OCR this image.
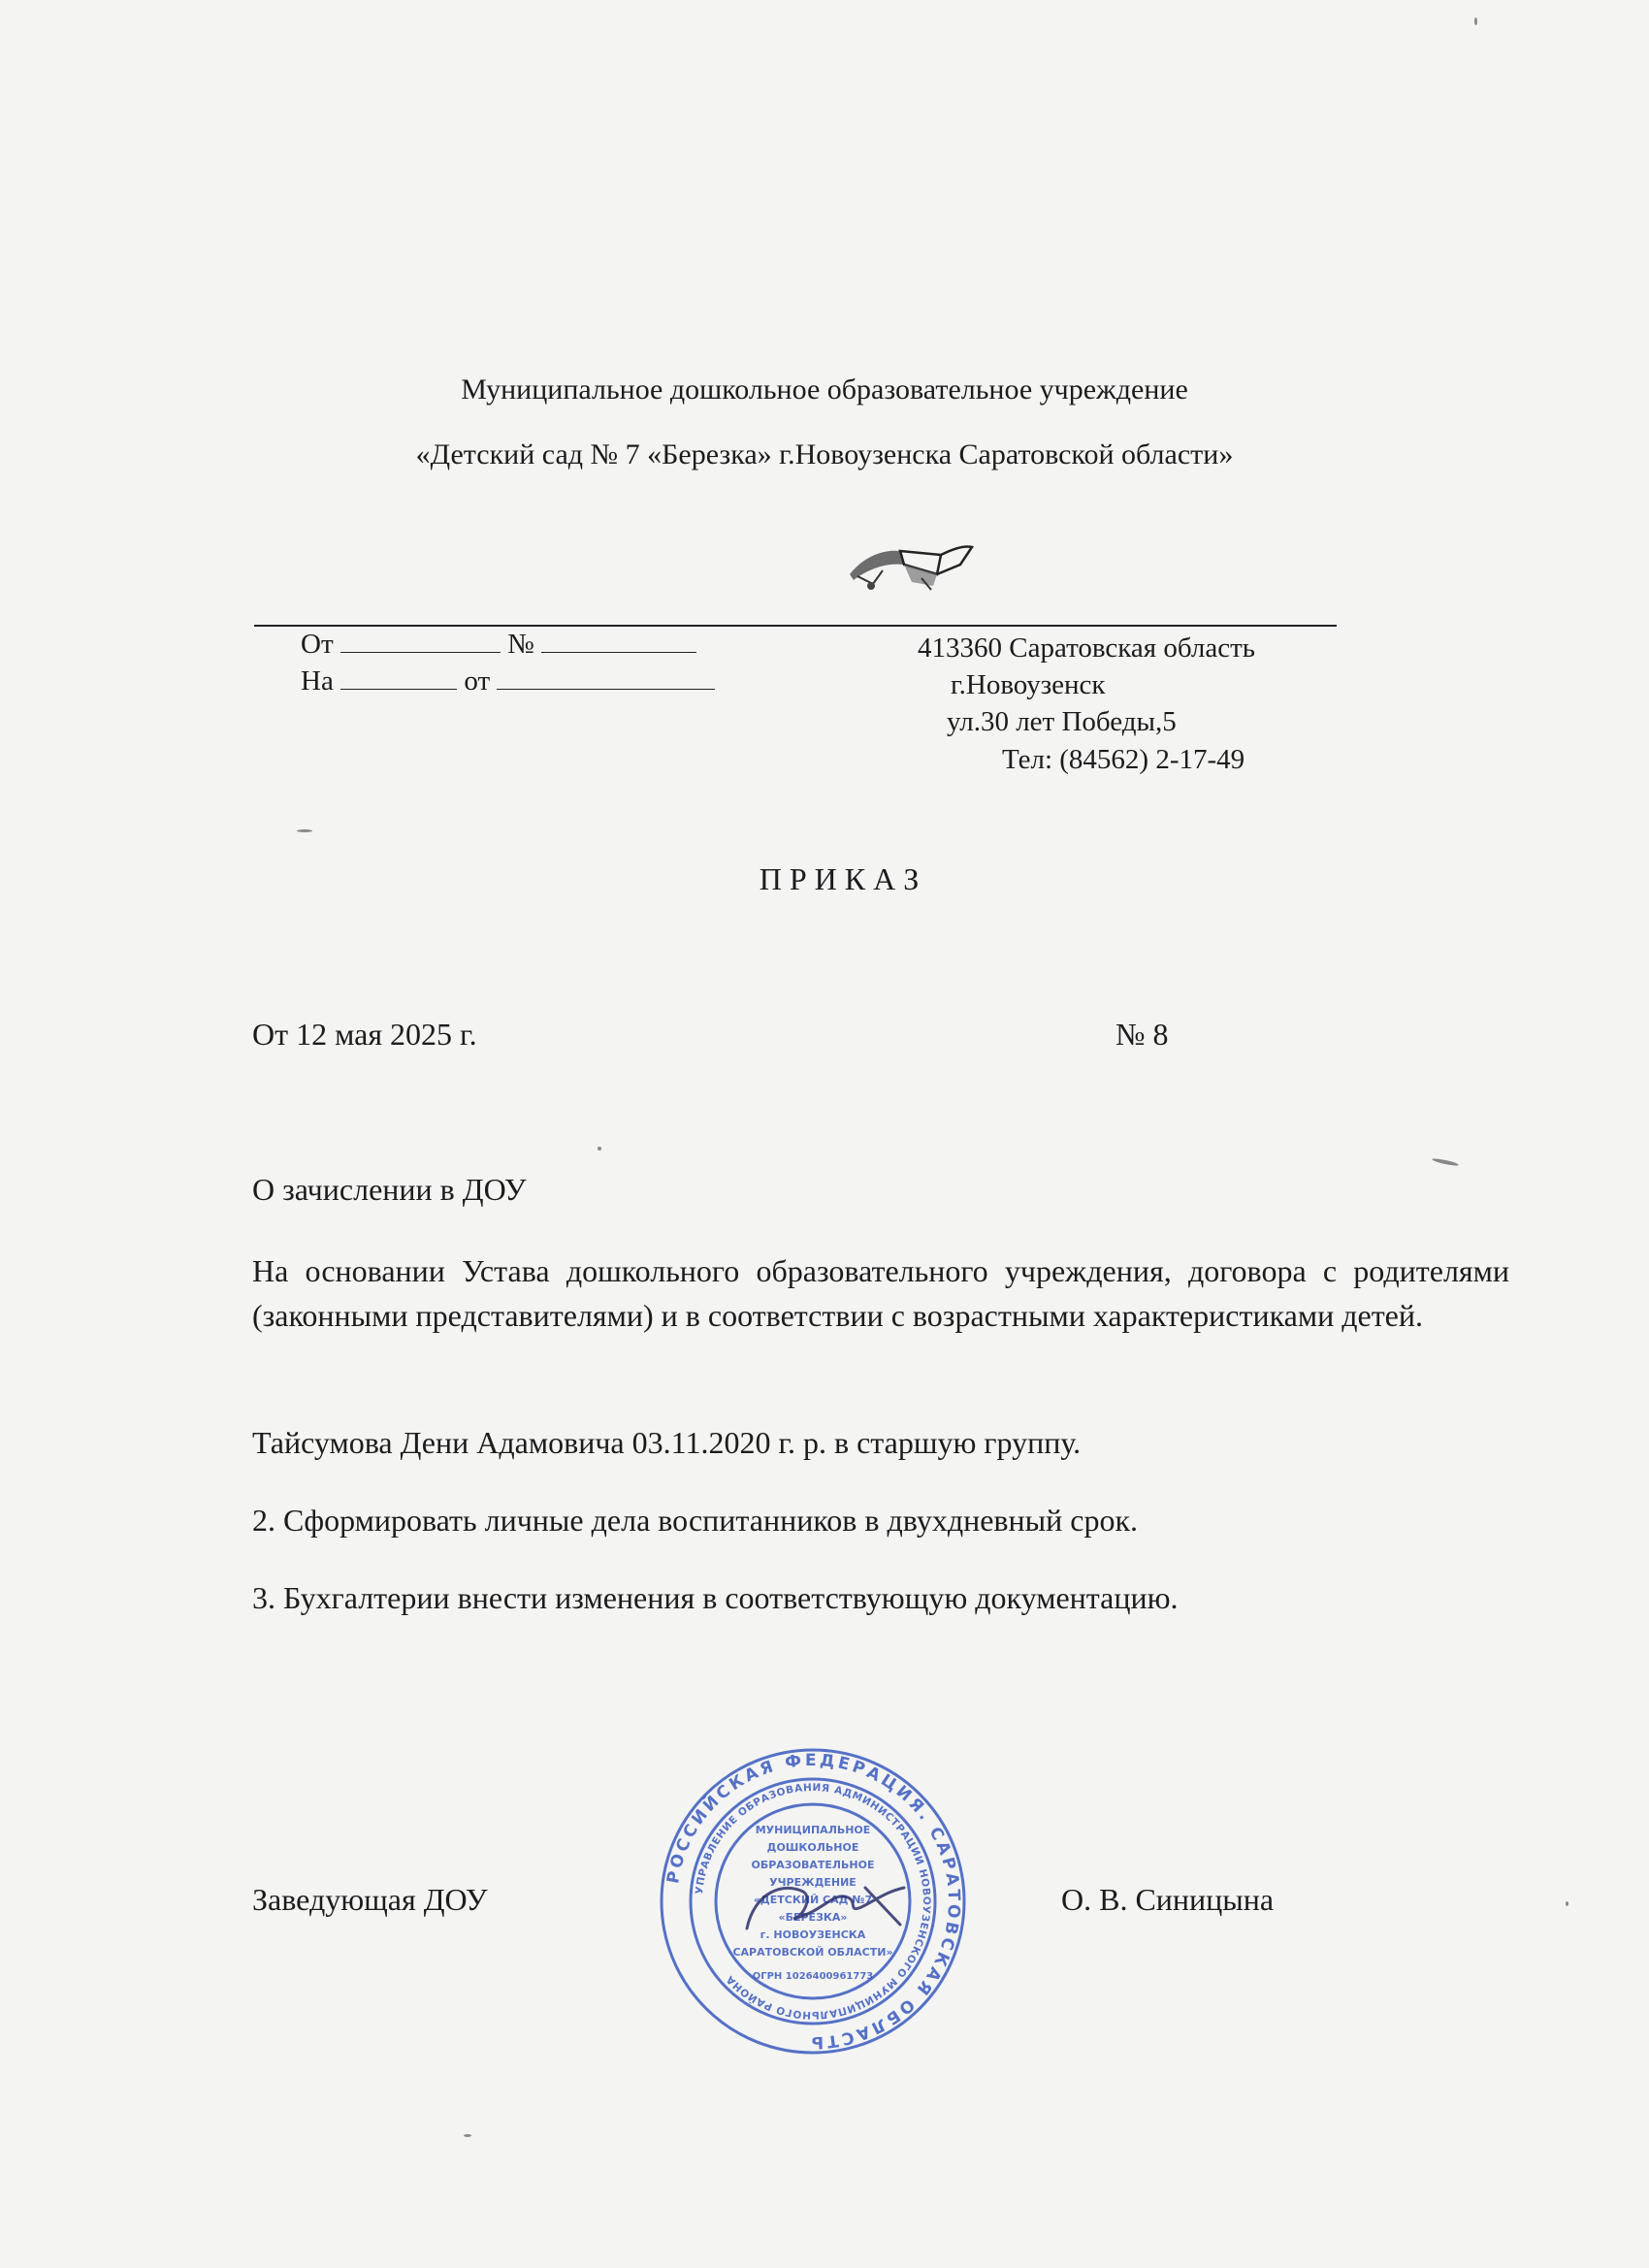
Муниципальное дошкольное образовательное учреждение

«Детский сад № 7 «Березка» г.Новоузенска Саратовской области»

От	№
На	от

413360 Саратовская область

г.Новоузенск

ул.30 лет Победы,5

Тел: (84562) 2-17-49

П Р И К А З

От 12 мая 2025 г.	№ 8

О зачислении в ДОУ

На основании Устава дошкольного образовательного учреждения, договора с родителями (законными представителями) и в соответствии с возрастными характеристиками детей.

Тайсумова Дени Адамовича 03.11.2020 г. р. в старшую группу.

2. Сформировать личные дела воспитанников в двухдневный срок.

3. Бухгалтерии внести изменения в соответствующую документацию.

Заведующая ДОУ	О. В. Синицына

РОССИЙСКАЯ ФЕДЕРАЦИЯ. САРАТОВСКАЯ ОБЛАСТЬ
УПРАВЛЕНИЕ ОБРАЗОВАНИЯ АДМИНИСТРАЦИИ НОВОУЗЕНСКОГО МУНИЦИПАЛЬНОГО РАЙОНА
МУНИЦИПАЛЬНОЕ
ДОШКОЛЬНОЕ
ОБРАЗОВАТЕЛЬНОЕ
УЧРЕЖДЕНИЕ
«ДЕТСКИЙ САД №7
«БЕРЕЗКА»
г. НОВОУЗЕНСКА
САРАТОВСКОЙ ОБЛАСТИ»
ОГРН 1026400961773
